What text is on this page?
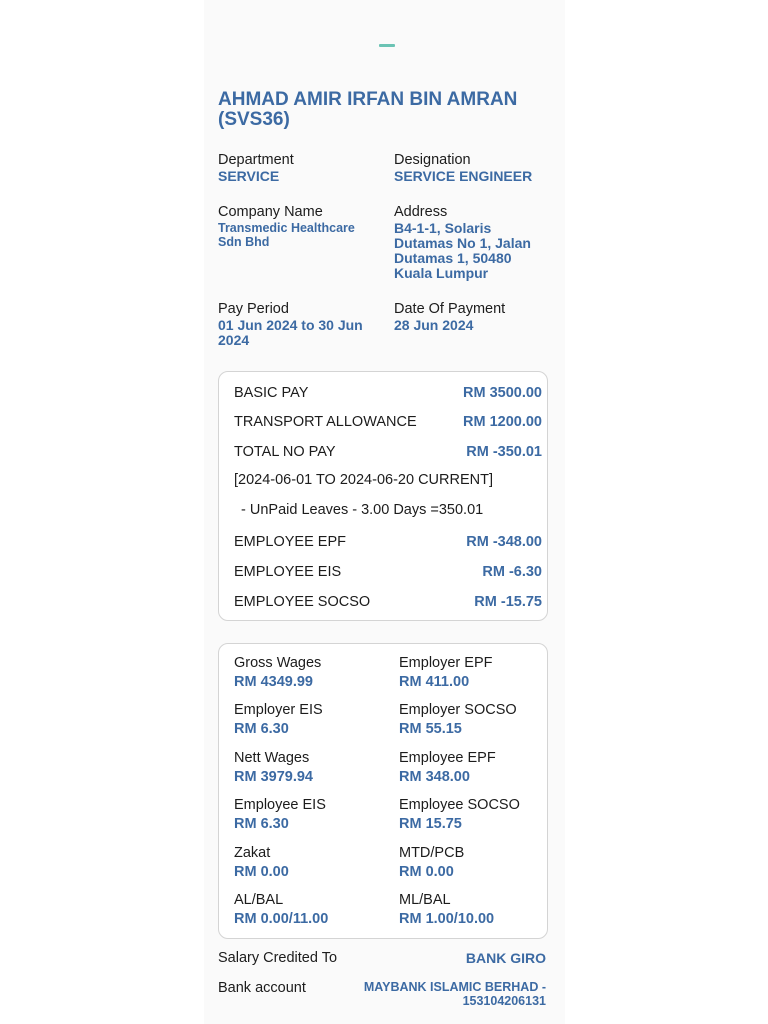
AHMAD AMIR IRFAN BIN AMRAN (SVS36)
Department
SERVICE
Designation
SERVICE ENGINEER
Company Name
Transmedic Healthcare Sdn Bhd
Address
B4-1-1, Solaris Dutamas No 1, Jalan Dutamas 1, 50480 Kuala Lumpur
Pay Period
01 Jun 2024 to 30 Jun 2024
Date Of Payment
28 Jun 2024
BASIC PAY	RM 3500.00
TRANSPORT ALLOWANCE	RM 1200.00
TOTAL NO PAY	RM -350.01
[2024-06-01 TO 2024-06-20 CURRENT]
- UnPaid Leaves - 3.00 Days =350.01
EMPLOYEE EPF	RM -348.00
EMPLOYEE EIS	RM -6.30
EMPLOYEE SOCSO	RM -15.75
Gross Wages
RM 4349.99
Employer EPF
RM 411.00
Employer EIS
RM 6.30
Employer SOCSO
RM 55.15
Nett Wages
RM 3979.94
Employee EPF
RM 348.00
Employee EIS
RM 6.30
Employee SOCSO
RM 15.75
Zakat
RM 0.00
MTD/PCB
RM 0.00
AL/BAL
RM 0.00/11.00
ML/BAL
RM 1.00/10.00
Salary Credited To	BANK GIRO
Bank account	MAYBANK ISLAMIC BERHAD - 153104206131
